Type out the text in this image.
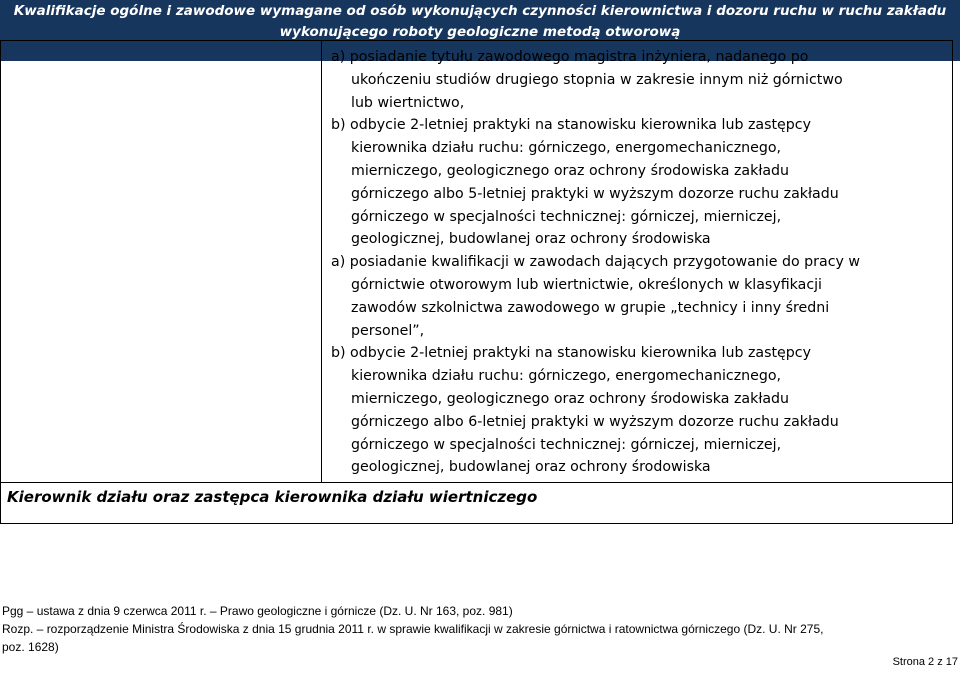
Kwalifikacje ogólne i zawodowe wymagane od osób wykonujących czynności kierownictwa i dozoru ruchu w ruchu zakładu
wykonującego roboty geologiczne metodą otworową
a) posiadanie tytułu zawodowego magistra inżyniera, nadanego po
ukończeniu studiów drugiego stopnia w zakresie innym niż górnictwo
lub wiertnictwo,
b) odbycie 2-letniej praktyki na stanowisku kierownika lub zastępcy
kierownika działu ruchu: górniczego, energomechanicznego,
mierniczego, geologicznego oraz ochrony środowiska zakładu
górniczego albo 5-letniej praktyki w wyższym dozorze ruchu zakładu
górniczego w specjalności technicznej: górniczej, mierniczej,
geologicznej, budowlanej oraz ochrony środowiska
a) posiadanie kwalifikacji w zawodach dających przygotowanie do pracy w
górnictwie otworowym lub wiertnictwie, określonych w klasyfikacji
zawodów szkolnictwa zawodowego w grupie „technicy i inny średni
personel”,
b) odbycie 2-letniej praktyki na stanowisku kierownika lub zastępcy
kierownika działu ruchu: górniczego, energomechanicznego,
mierniczego, geologicznego oraz ochrony środowiska zakładu
górniczego albo 6-letniej praktyki w wyższym dozorze ruchu zakładu
górniczego w specjalności technicznej: górniczej, mierniczej,
geologicznej, budowlanej oraz ochrony środowiska
Kierownik działu oraz zastępca kierownika działu wiertniczego
Pgg – ustawa z dnia 9 czerwca 2011 r. – Prawo geologiczne i górnicze (Dz. U. Nr 163, poz. 981)
Rozp. – rozporządzenie Ministra Środowiska z dnia 15 grudnia 2011 r. w sprawie kwalifikacji w zakresie górnictwa i ratownictwa górniczego (Dz. U. Nr 275,
poz. 1628)
Strona 2 z 17
